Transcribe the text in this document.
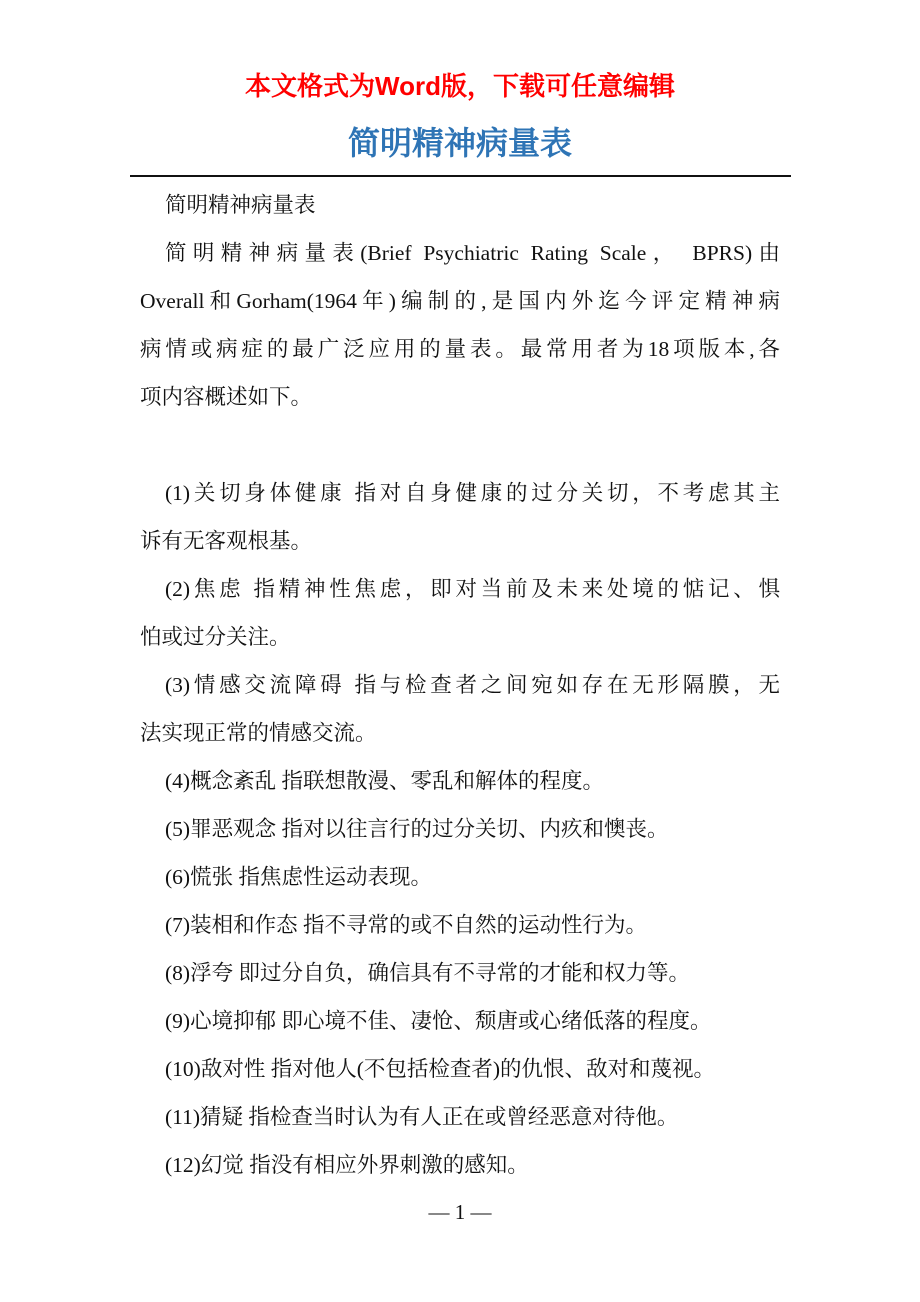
本文格式为Word版，下载可任意编辑
简明精神病量表
简明精神病量表
简明精神病量表(Brief Psychiatric Rating Scale， BPRS)由
Overall和Gorham(1964年)编制的,是国内外迄今评定精神病
病情或病症的最广泛应用的量表。最常用者为18项版本,各
项内容概述如下。
(1)关切身体健康 指对自身健康的过分关切，不考虑其主
诉有无客观根基。
(2)焦虑 指精神性焦虑，即对当前及未来处境的惦记、惧
怕或过分关注。
(3)情感交流障碍 指与检查者之间宛如存在无形隔膜，无
法实现正常的情感交流。
(4)概念紊乱 指联想散漫、零乱和解体的程度。
(5)罪恶观念 指对以往言行的过分关切、内疚和懊丧。
(6)慌张 指焦虑性运动表现。
(7)装相和作态 指不寻常的或不自然的运动性行为。
(8)浮夸 即过分自负，确信具有不寻常的才能和权力等。
(9)心境抑郁 即心境不佳、凄怆、颓唐或心绪低落的程度。
(10)敌对性 指对他人(不包括检查者)的仇恨、敌对和蔑视。
(11)猜疑 指检查当时认为有人正在或曾经恶意对待他。
(12)幻觉 指没有相应外界刺激的感知。
— 1 —
